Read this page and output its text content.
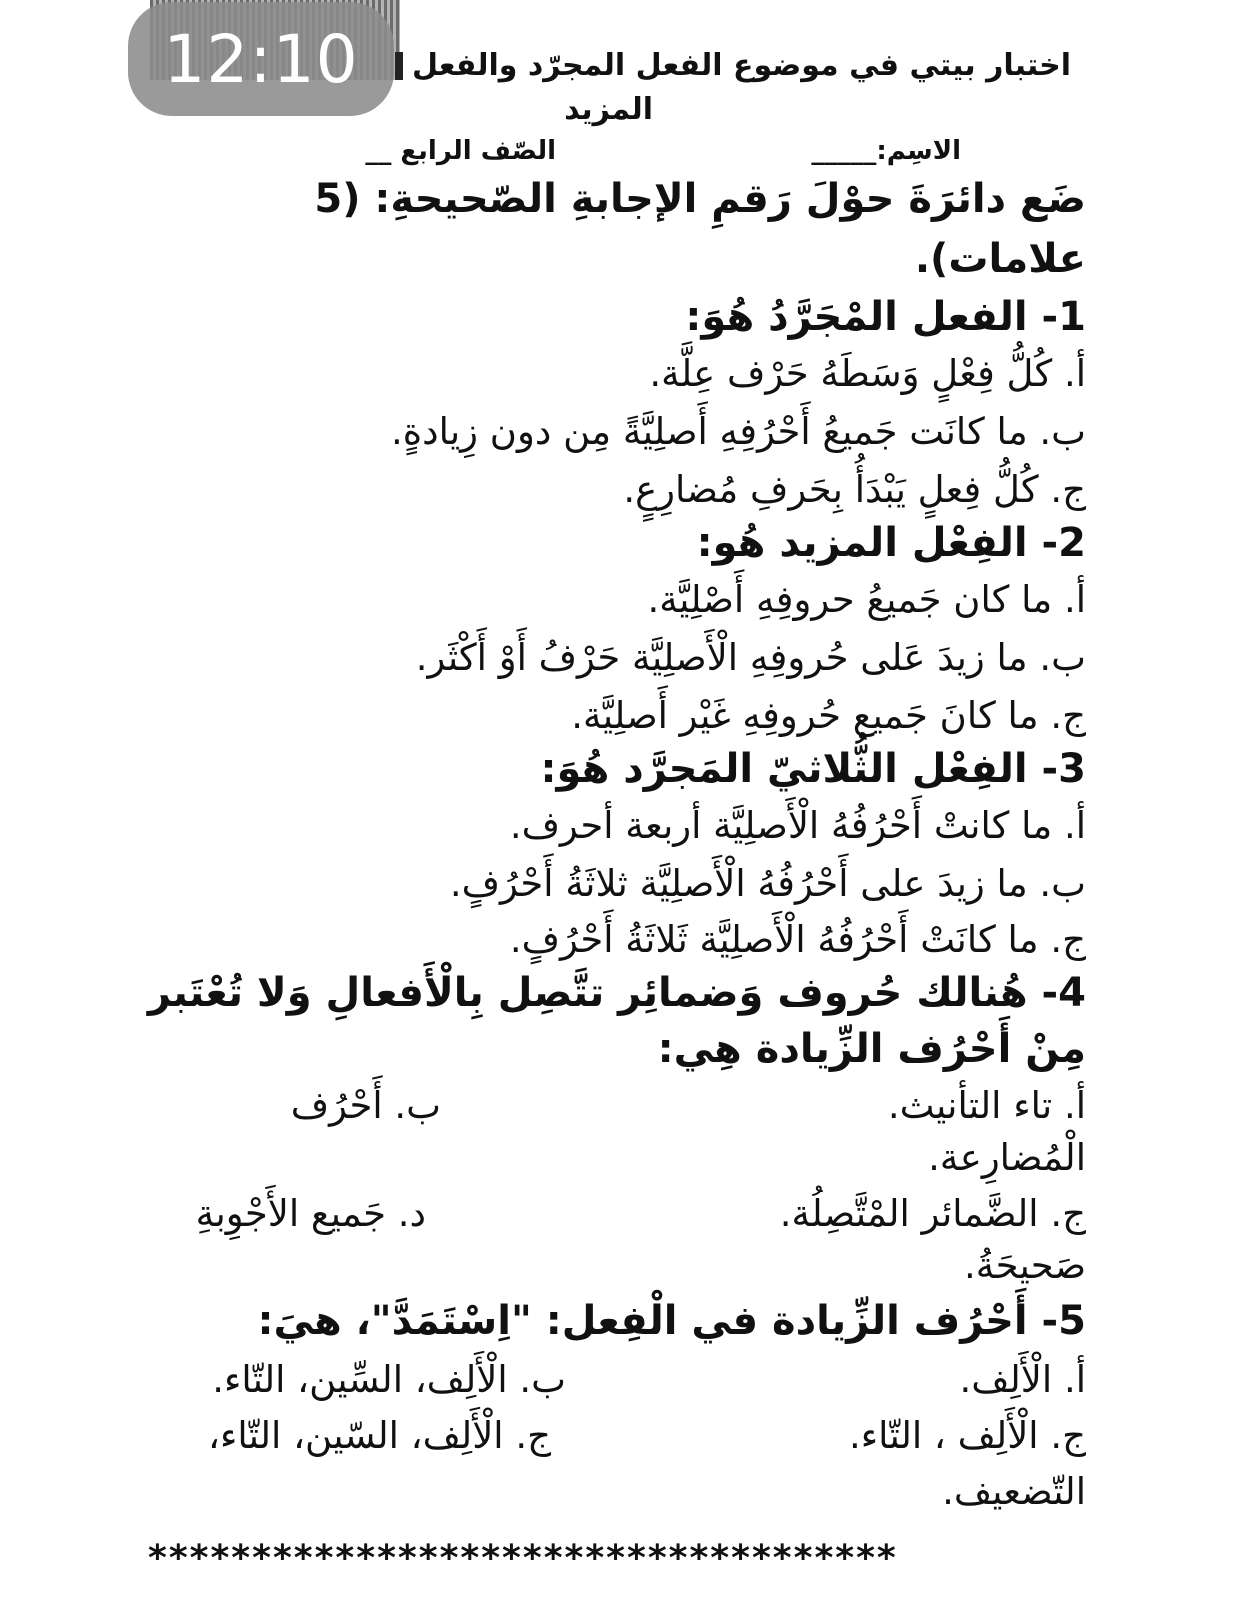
12:10 اختبار بيتي في موضوع الفعل المجرّد والفعل
المزيد
الاسِم:_____
الصّف الرابع __
ضَع دائرَةَ حوْلَ رَقمِ الإجابةِ الصّحيحةِ: (5
علامات).
1- الفعل المْجَرَّدُ هُوَ:
أ. كُلُّ فِعْلٍ وَسَطَهُ حَرْف عِلَّة.
ب. ما كانَت جَميعُ أَحْرُفِهِ أَصلِيَّةً مِن دون زِيادةٍ.
ج. كُلُّ فِعلٍ يَبْدَأُ بِحَرفِ مُضارِعٍ.
2- الفِعْل المزيد هُو:
أ. ما كان جَميعُ حروفِهِ أَصْلِيَّة.
ب. ما زيدَ عَلى حُروفِهِ الْأَصلِيَّة حَرْفُ أَوْ أَكْثَر.
ج. ما كانَ جَميع حُروفِهِ غَيْر أَصلِيَّة.
3- الفِعْل الثُّلاثيّ المَجرَّد هُوَ:
أ. ما كانتْ أَحْرُفُهُ الْأَصلِيَّة أربعة أحرف.
ب. ما زيدَ على أَحْرُفُهُ الْأَصلِيَّة ثلاثَةُ أَحْرُفٍ.
ج. ما كانَتْ أَحْرُفُهُ الْأَصلِيَّة ثَلاثَةُ أَحْرُفٍ.
4- هُنالك حُروف وَضمائِر تتَّصِل بِالْأَفعالِ وَلا تُعْتَبر
مِنْ أَحْرُف الزِّيادة هِي:
أ. تاء التأنيث.
ب. أَحْرُف
الْمُضارِعة.
ج. الضَّمائر المْتَّصِلُة.
د. جَميع الأَجْوِبةِ
صَحيحَةُ.
5- أَحْرُف الزِّيادة في الْفِعل: "اِسْتَمَدَّ"، هيَ:
أ. الْأَلِف.
ب. الْأَلِف، السِّين، التّاء.
ج. الْأَلِف ، التّاء.
ج. الْأَلِف، السّين، التّاء،
التّضعيف.
************************************
